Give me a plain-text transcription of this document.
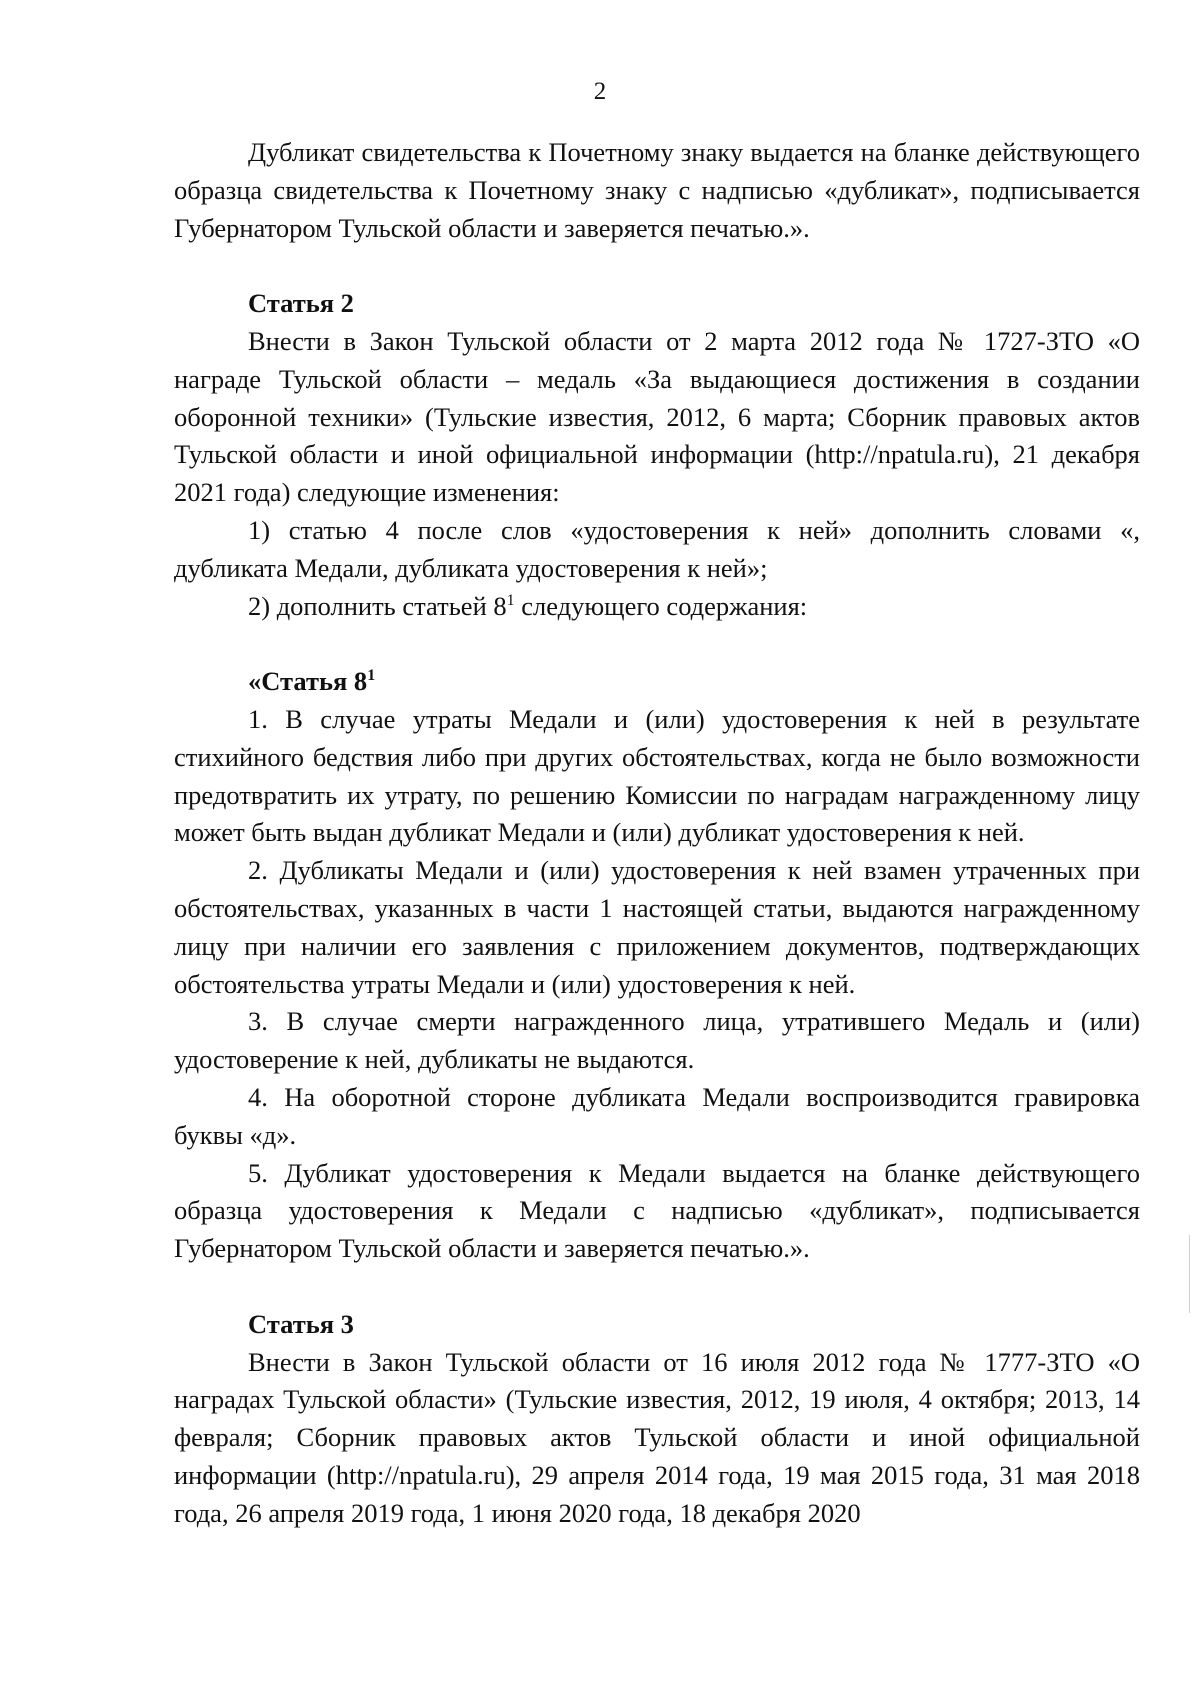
2

Дубликат свидетельства к Почетному знаку выдается на бланке действующего образца свидетельства к Почетному знаку с надписью «дубликат», подписывается Губернатором Тульской области и заверяется печатью.».

Статья 2

Внести в Закон Тульской области от 2 марта 2012 года № 1727-ЗТО «О награде Тульской области – медаль «За выдающиеся достижения в создании оборонной техники» (Тульские известия, 2012, 6 марта; Сборник правовых актов Тульской области и иной официальной информации (http://npatula.ru), 21 декабря 2021 года) следующие изменения:

1) статью 4 после слов «удостоверения к ней» дополнить словами «, дубликата Медали, дубликата удостоверения к ней»;

2) дополнить статьей $8^1$ следующего содержания:

«Статья $8^1$

1. В случае утраты Медали и (или) удостоверения к ней в результате стихийного бедствия либо при других обстоятельствах, когда не было возможности предотвратить их утрату, по решению Комиссии по наградам награжденному лицу может быть выдан дубликат Медали и (или) дубликат удостоверения к ней.

2. Дубликаты Медали и (или) удостоверения к ней взамен утраченных при обстоятельствах, указанных в части 1 настоящей статьи, выдаются награжденному лицу при наличии его заявления с приложением документов, подтверждающих обстоятельства утраты Медали и (или) удостоверения к ней.

3. В случае смерти награжденного лица, утратившего Медаль и (или) удостоверение к ней, дубликаты не выдаются.

4. На оборотной стороне дубликата Медали воспроизводится гравировка буквы «д».

5. Дубликат удостоверения к Медали выдается на бланке действующего образца удостоверения к Медали с надписью «дубликат», подписывается Губернатором Тульской области и заверяется печатью.».

Статья 3

Внести в Закон Тульской области от 16 июля 2012 года № 1777-ЗТО «О наградах Тульской области» (Тульские известия, 2012, 19 июля, 4 октября; 2013, 14 февраля; Сборник правовых актов Тульской области и иной официальной информации (http://npatula.ru), 29 апреля 2014 года, 19 мая 2015 года, 31 мая 2018 года, 26 апреля 2019 года, 1 июня 2020 года, 18 декабря 2020
